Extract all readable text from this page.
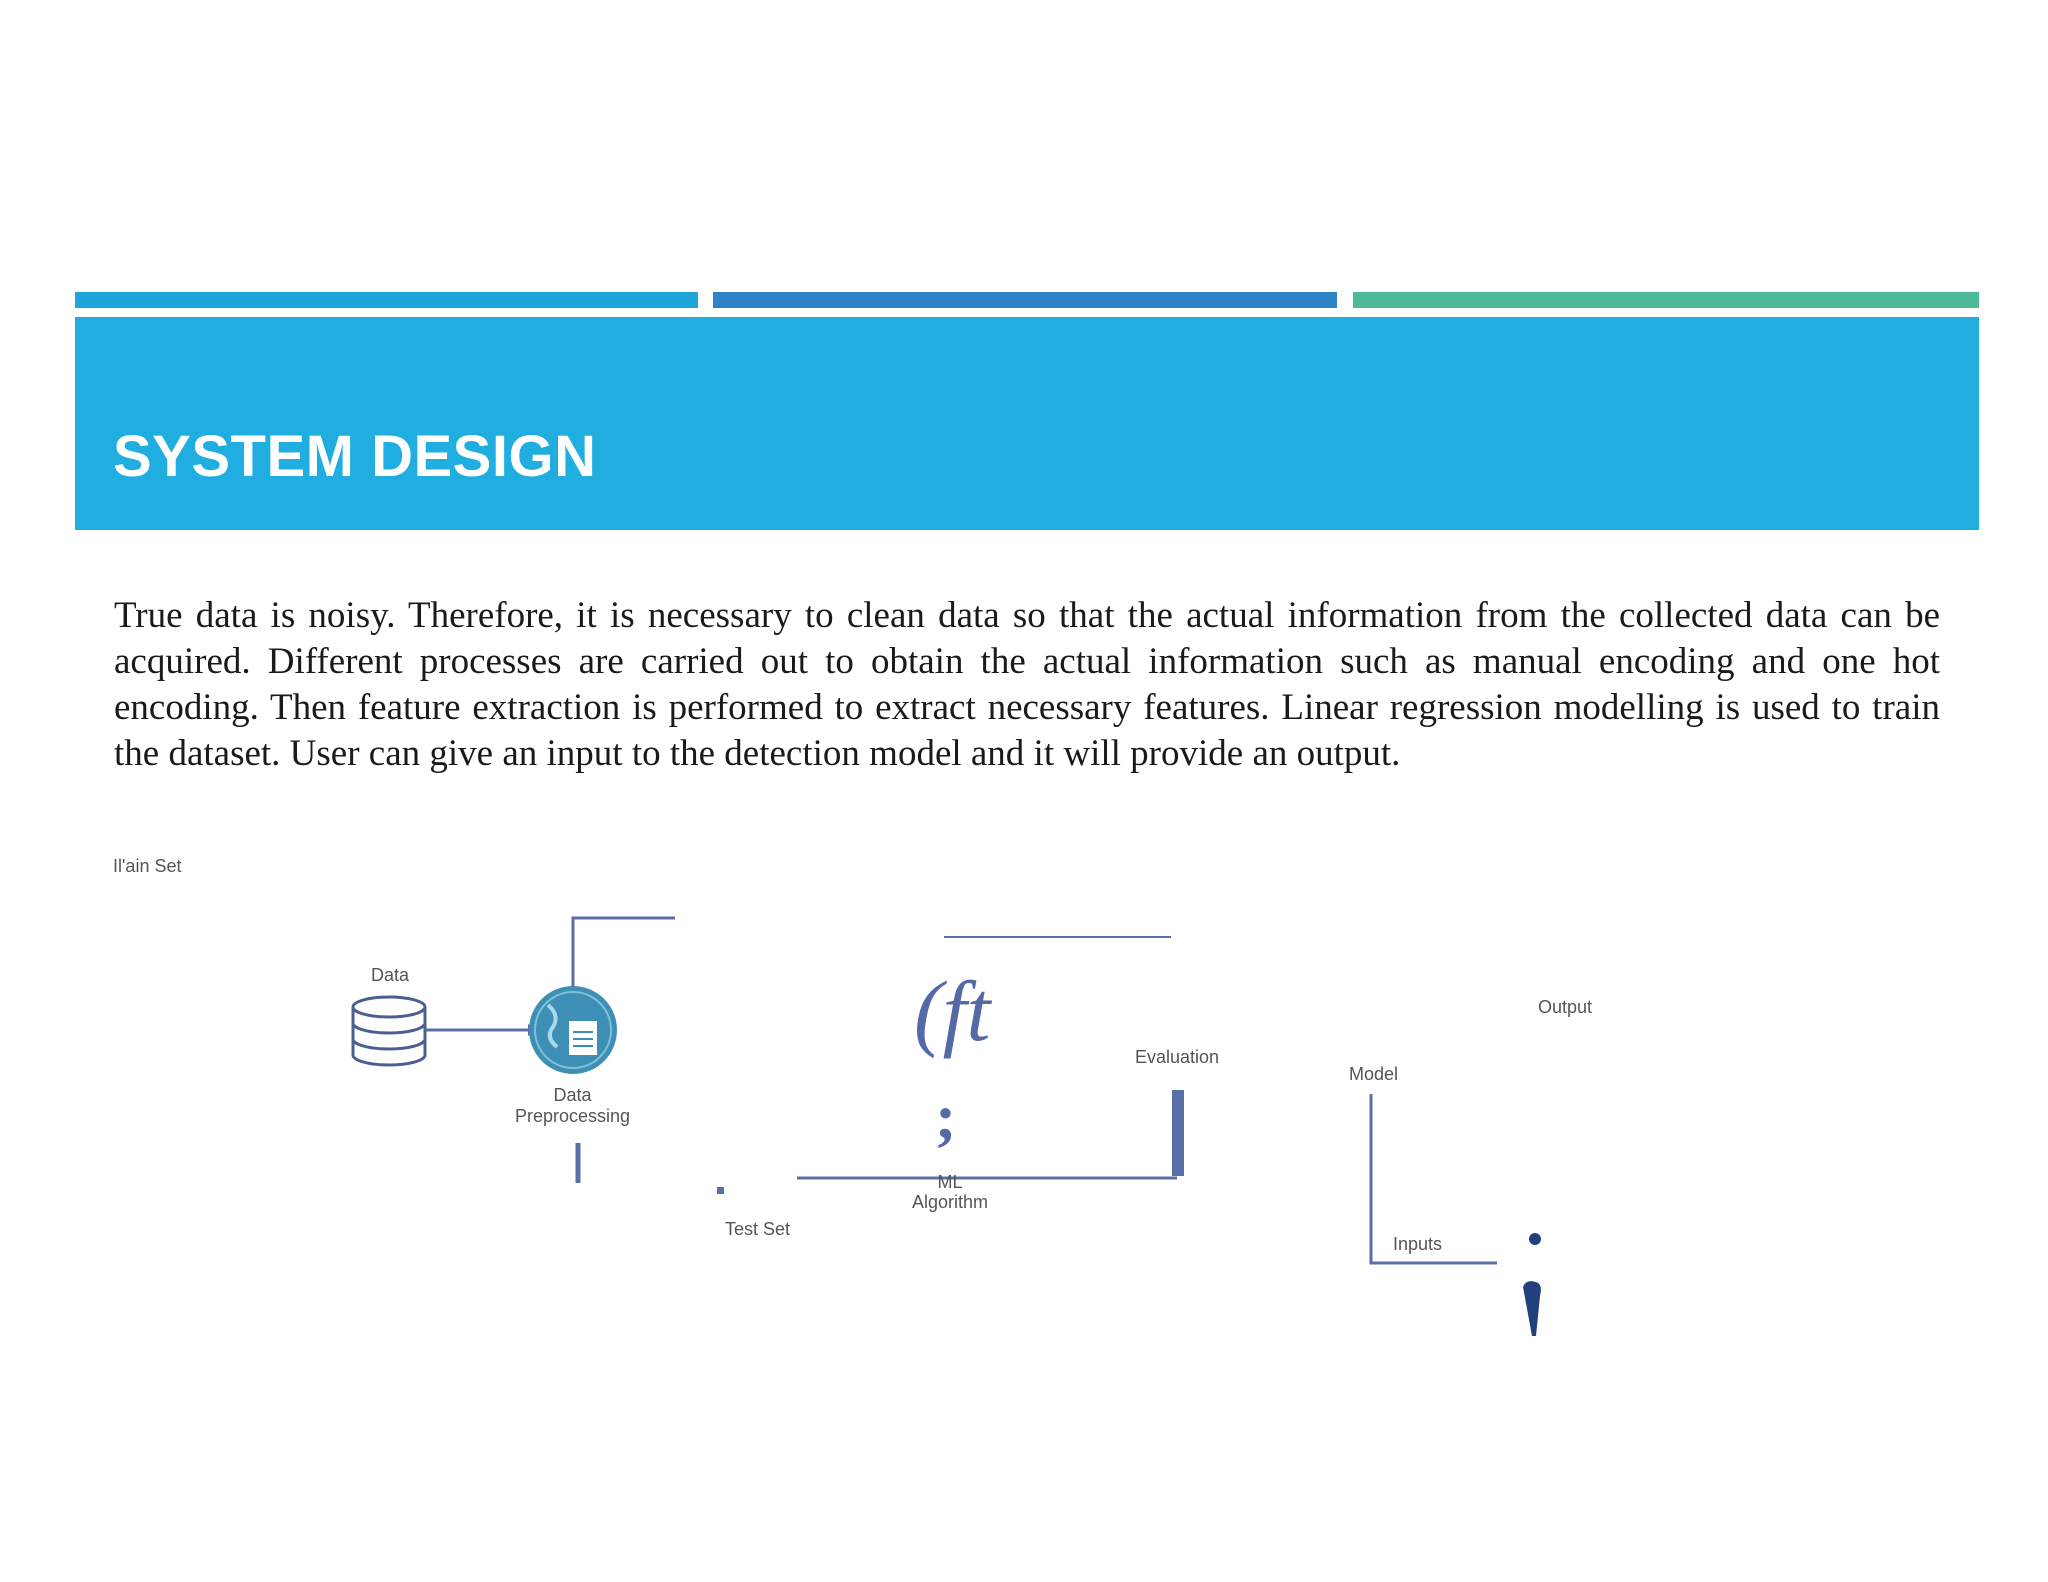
SYSTEM DESIGN

True data is noisy. Therefore, it is necessary to clean data so that the actual information from the collected data can be acquired. Different processes are carried out to obtain the actual information such as manual encoding and one hot encoding. Then feature extraction is performed to extract necessary features. Linear regression modelling is used to train the dataset. User can give an input to the detection model and it will provide an output.

(ft
;
Il'ain Set
Data
Data
Preprocessing
ML
Algorithm
Evaluation
Test Set
Model
Output
Inputs
